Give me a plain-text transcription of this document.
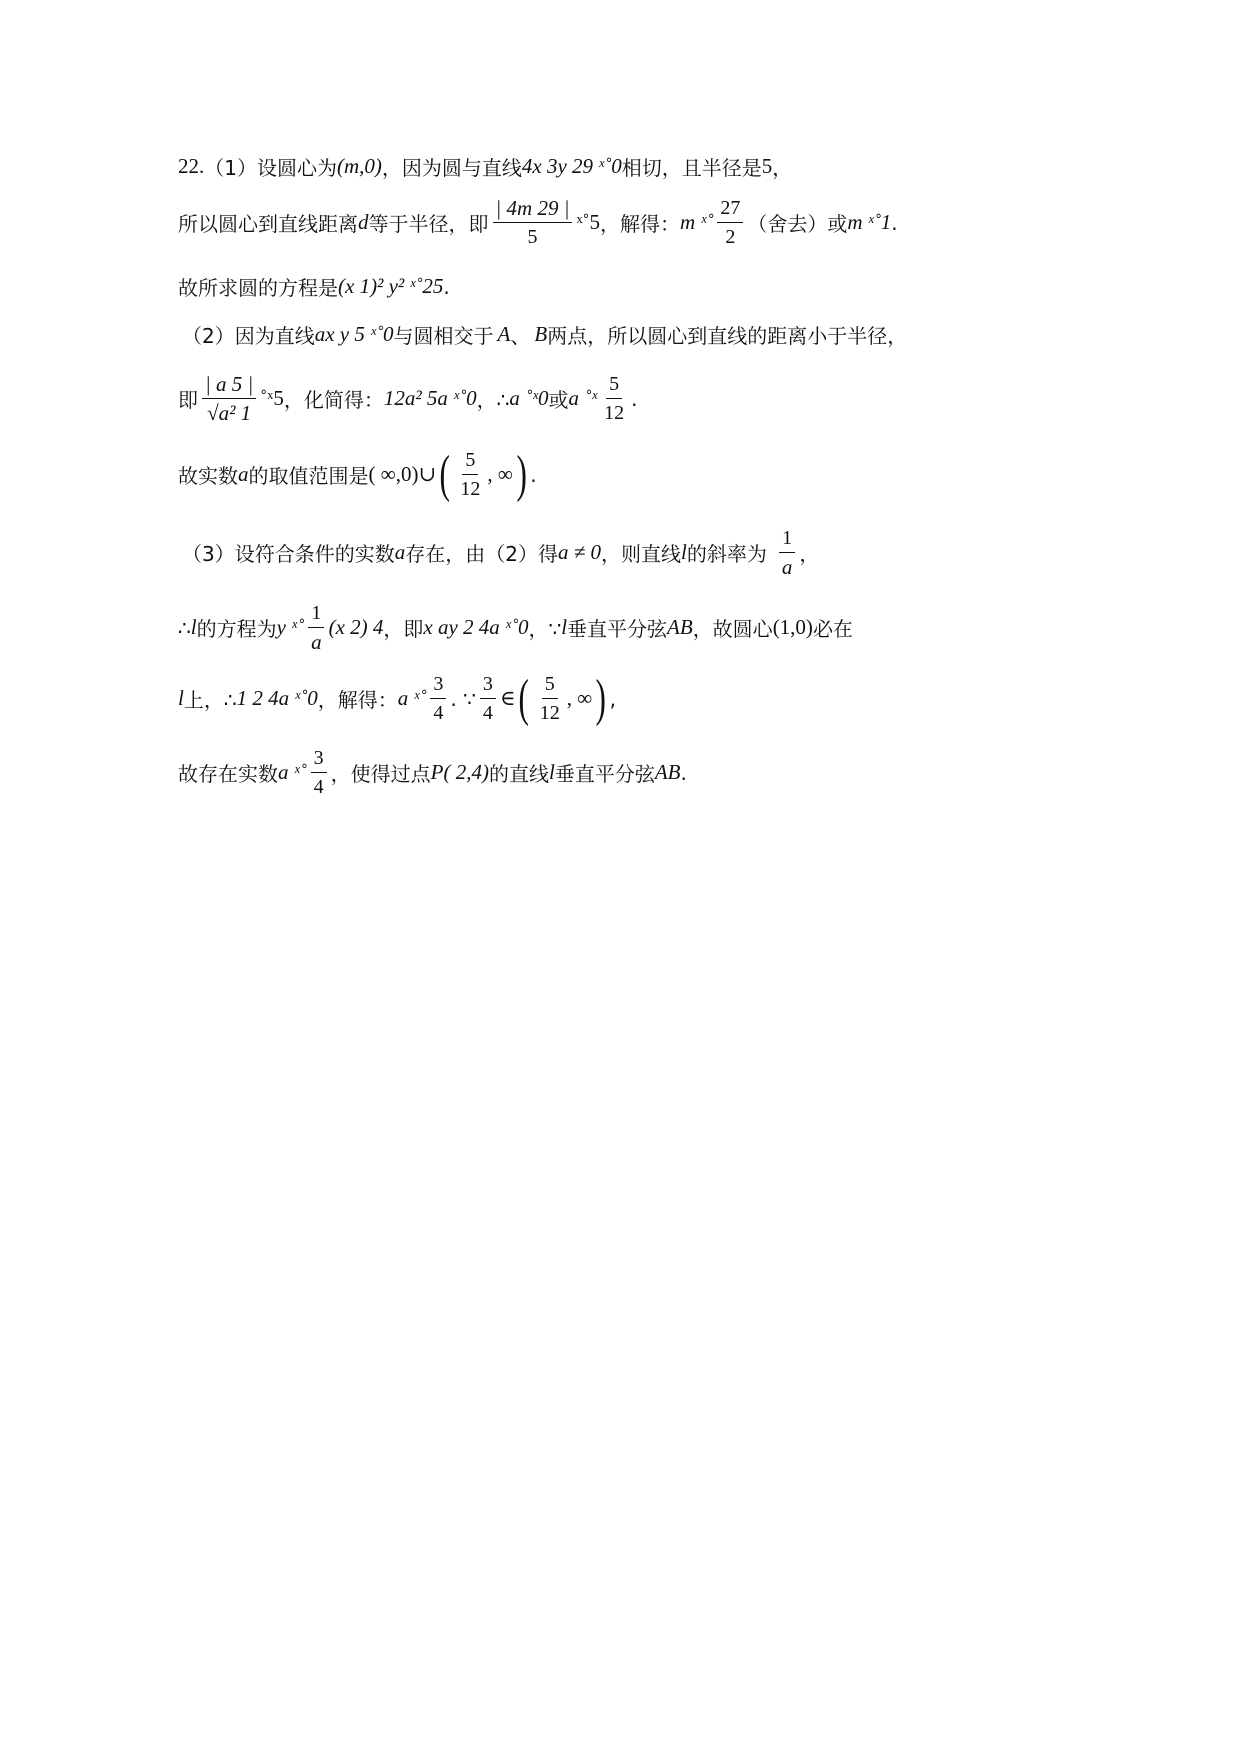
22. （1）设圆心为 (m,0) ，因为圆与直线 4x 3y 29 ˣ˚0 相切，且半径是 5 ，
所以圆心到直线距离 d 等于半径，即 $\frac{| 4m 29 |}{5}$ ˣ˚5 ，解得： m ˣ˚ $\frac{27}{2}$ （舍去）或 m ˣ˚1 .
故所求圆的方程是 (x 1)² y² ˣ˚25 .
（2）因为直线 ax y 5 ˣ˚0 与圆相交于 A 、 B 两点，所以圆心到直线的距离小于半径，
即 $\frac{| a 5 |}{\text{√a² 1}}$ ˚ˣ5 ，化简得： 12a² 5a ˣ˚0 ，∴ a ˚ˣ0 或 a ˚ˣ $\frac{5}{12}$ .
故实数 a 的取值范围是 ( ∞,0)∪ ( $\frac{5}{12}$ , ∞ ) .
（3）设符合条件的实数 a 存在，由（2）得 a ≠ 0 ，则直线 l 的斜率为 $\frac{1}{a}$ ，
∴ l 的方程为 y ˣ˚ $\frac{1}{a} (x$ 2) 4 ，即 x ay 2 4a ˣ˚0 ，∵ l 垂直平分弦 AB ，故圆心 (1,0) 必在
l 上，∴ 1 2 4a ˣ˚0 ，解得： a ˣ˚ $\frac{3}{4}$ . ∵ $\frac{3}{4}$ ∈ ( $\frac{5}{12}$ , ∞ ) ,
故存在实数 a ˣ˚ $\frac{3}{4}$ ，使得过点 P( 2,4) 的直线 l 垂直平分弦 AB .
